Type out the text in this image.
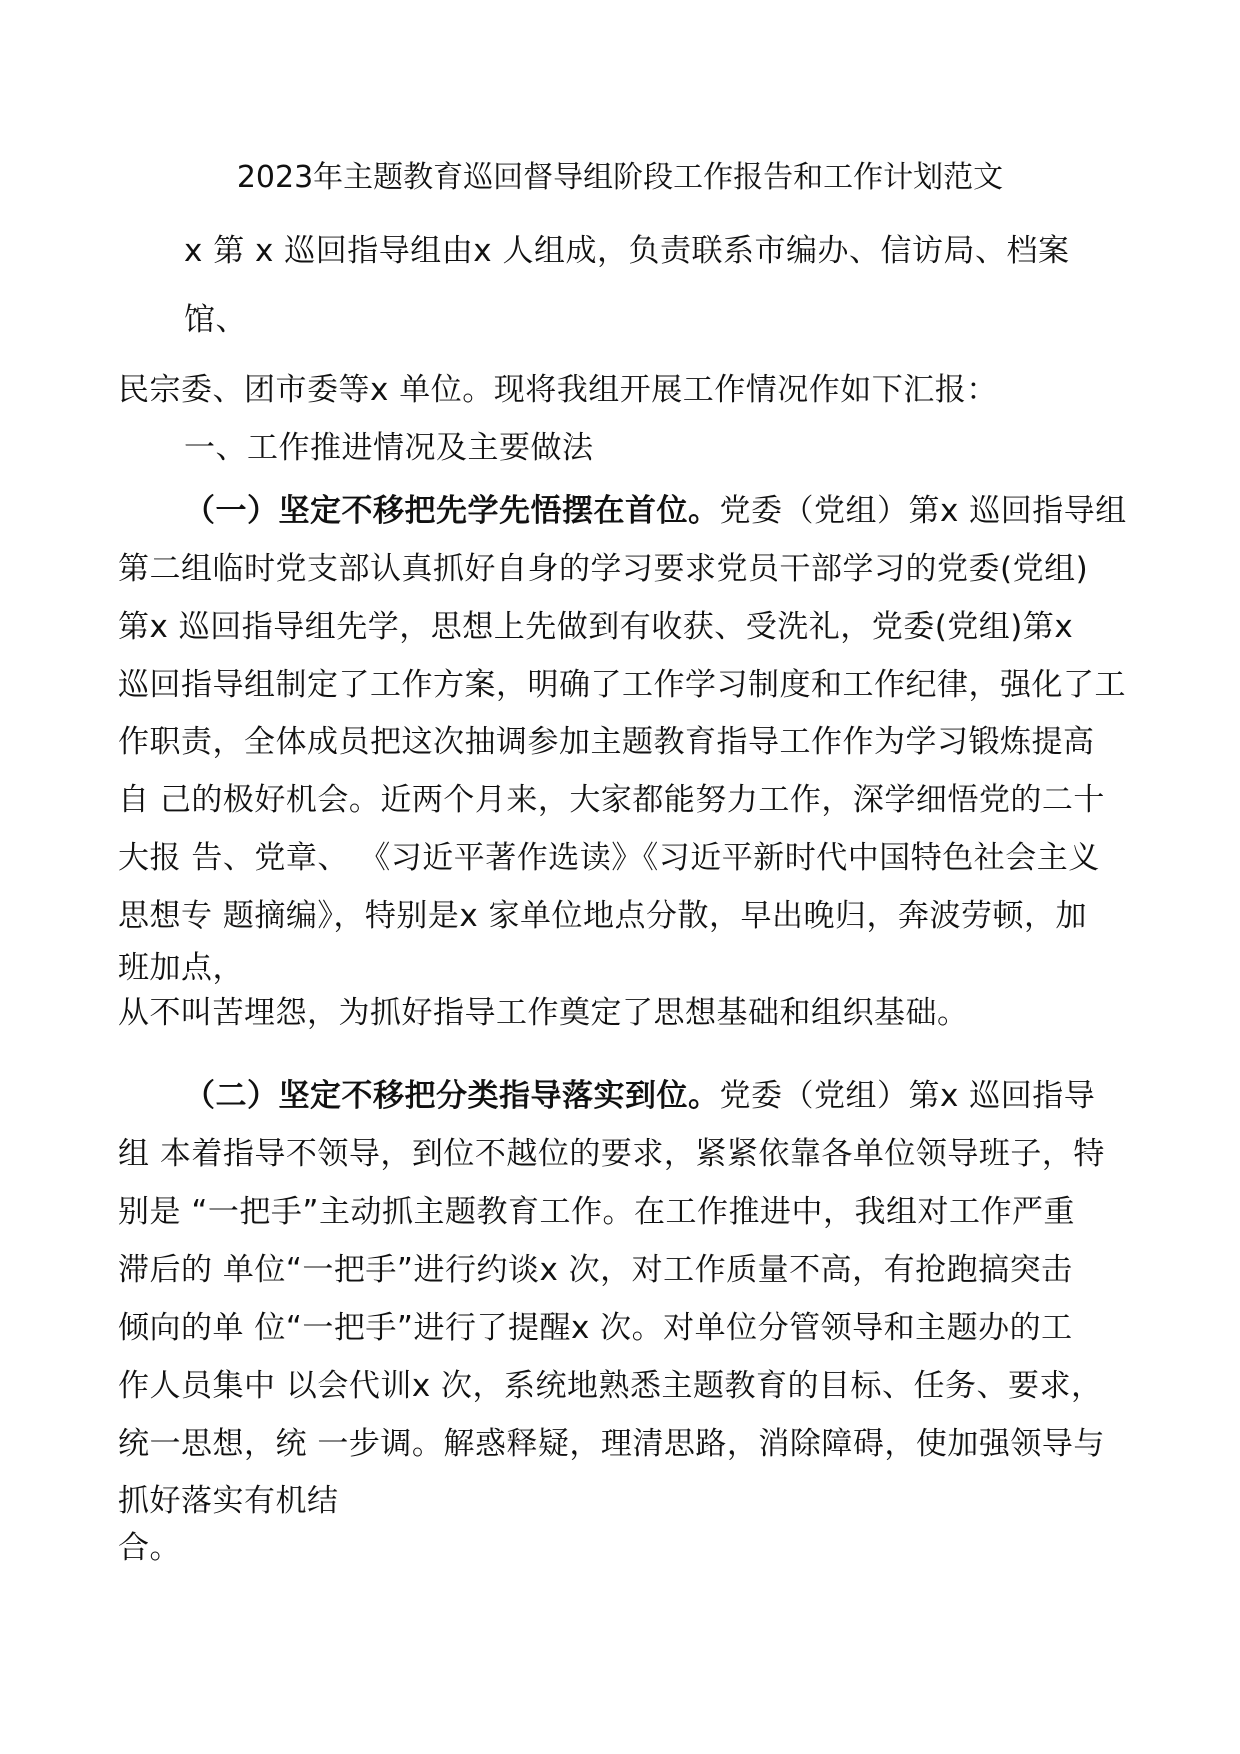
2023年主题教育巡回督导组阶段工作报告和工作计划范文
x 第 x 巡回指导组由x 人组成，负责联系市编办、信访局、档案
馆、
民宗委、团市委等x 单位。现将我组开展工作情况作如下汇报：
一、工作推进情况及主要做法
（一）坚定不移把先学先悟摆在首位。党委（党组）第x 巡回指导组
第二组临时党支部认真抓好自身的学习要求党员干部学习的党委(党组)
第x 巡回指导组先学，思想上先做到有收获、受洗礼，党委(党组)第x
巡回指导组制定了工作方案，明确了工作学习制度和工作纪律，强化了工
作职责，全体成员把这次抽调参加主题教育指导工作作为学习锻炼提高
自 己的极好机会。近两个月来，大家都能努力工作，深学细悟党的二十
大报 告、党章、 《习近平著作选读》《习近平新时代中国特色社会主义
思想专 题摘编》，特别是x 家单位地点分散，早出晚归，奔波劳顿，加
班加点，
从不叫苦埋怨，为抓好指导工作奠定了思想基础和组织基础。
（二）坚定不移把分类指导落实到位。党委（党组）第x 巡回指导
组 本着指导不领导，到位不越位的要求，紧紧依靠各单位领导班子，特
别是 “一把手”主动抓主题教育工作。在工作推进中，我组对工作严重
滞后的 单位“一把手”进行约谈x 次，对工作质量不高，有抢跑搞突击
倾向的单 位“一把手”进行了提醒x 次。对单位分管领导和主题办的工
作人员集中 以会代训x 次，系统地熟悉主题教育的目标、任务、要求，
统一思想，统 一步调。解惑释疑，理清思路，消除障碍，使加强领导与
抓好落实有机结
合。
